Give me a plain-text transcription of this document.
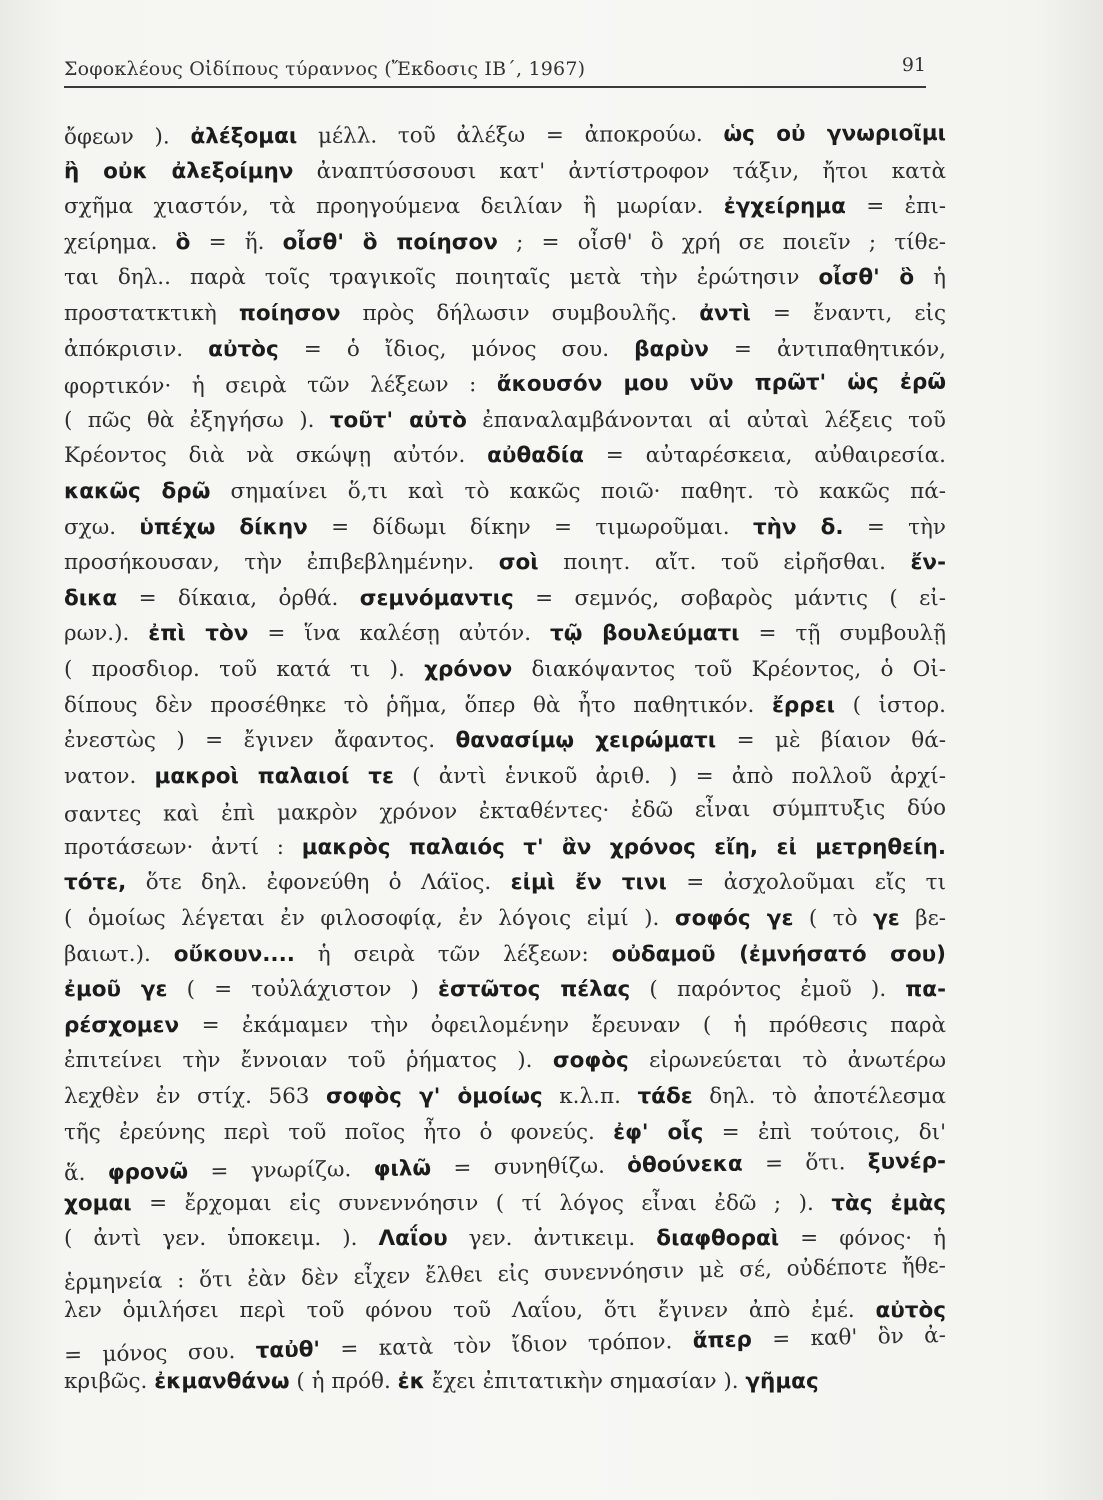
Σοφοκλέους Οἰδίπους τύραννος (Ἔκδοσις ΙΒ΄, 1967)	91
ὄφεων ). ἀλέξομαι μέλλ. τοῦ ἀλέξω = ἀποκρούω. ὡς οὐ γνωριοῖμι
ἢ οὐκ ἀλεξοίμην ἀναπτύσσουσι κατ' ἀντίστροφον τάξιν, ἤτοι κατὰ
σχῆμα χιαστόν, τὰ προηγούμενα δειλίαν ἢ μωρίαν. ἐγχείρημα = ἐπι-
χείρημα. ὃ = ἥ. οἶσθ' ὃ ποίησον ; = οἶσθ' ὃ χρή σε ποιεῖν ; τίθε-
ται δηλ.. παρὰ τοῖς τραγικοῖς ποιηταῖς μετὰ τὴν ἐρώτησιν οἶσθ' ὃ ἡ
προστατκτικὴ ποίησον πρὸς δήλωσιν συμβουλῆς. ἀντὶ = ἔναντι, εἰς
ἀπόκρισιν. αὐτὸς = ὁ ἴδιος, μόνος σου. βαρὺν = ἀντιπαθητικόν,
φορτικόν· ἡ σειρὰ τῶν λέξεων : ἄκουσόν μου νῦν πρῶτ' ὡς ἐρῶ
( πῶς θὰ ἐξηγήσω ). τοῦτ' αὐτὸ ἐπαναλαμβάνονται αἱ αὐταὶ λέξεις τοῦ
Κρέοντος διὰ νὰ σκώψῃ αὐτόν. αὐθαδία = αὐταρέσκεια, αὐθαιρεσία.
κακῶς δρῶ σημαίνει ὅ,τι καὶ τὸ κακῶς ποιῶ· παθητ. τὸ κακῶς πά-
σχω. ὑπέχω δίκην = δίδωμι δίκην = τιμωροῦμαι. τὴν δ. = τὴν
προσήκουσαν, τὴν ἐπιβεβλημένην. σοὶ ποιητ. αἴτ. τοῦ εἰρῆσθαι. ἔν-
δικα = δίκαια, ὀρθά. σεμνόμαντις = σεμνός, σοβαρὸς μάντις ( εἰ-
ρων.). ἐπὶ τὸν = ἵνα καλέσῃ αὐτόν. τῷ βουλεύματι = τῇ συμβουλῇ
( προσδιορ. τοῦ κατά τι ). χρόνον διακόψαντος τοῦ Κρέοντος, ὁ Οἰ-
δίπους δὲν προσέθηκε τὸ ῥῆμα, ὅπερ θὰ ἦτο παθητικόν. ἔρρει ( ἱστορ.
ἐνεστὼς ) = ἔγινεν ἄφαντος. θανασίμῳ χειρώματι = μὲ βίαιον θά-
νατον. μακροὶ παλαιοί τε ( ἀντὶ ἑνικοῦ ἀριθ. ) = ἀπὸ πολλοῦ ἀρχί-
σαντες καὶ ἐπὶ μακρὸν χρόνον ἐκταθέντες· ἐδῶ εἶναι σύμπτυξις δύο
προτάσεων· ἀντί : μακρὸς παλαιός τ' ἂν χρόνος εἴη, εἰ μετρηθείη.
τότε, ὅτε δηλ. ἐφονεύθη ὁ Λάϊος. εἰμὶ ἔν τινι = ἀσχολοῦμαι εἴς τι
( ὁμοίως λέγεται ἐν φιλοσοφίᾳ, ἐν λόγοις εἰμί ). σοφός γε ( τὸ γε βε-
βαιωτ.). οὔκουν.... ἡ σειρὰ τῶν λέξεων: οὐδαμοῦ (ἐμνήσατό σου)
ἐμοῦ γε ( = τοὐλάχιστον ) ἑστῶτος πέλας ( παρόντος ἐμοῦ ). πα-
ρέσχομεν = ἐκάμαμεν τὴν ὀφειλομένην ἔρευναν ( ἡ πρόθεσις παρὰ
ἐπιτείνει τὴν ἔννοιαν τοῦ ῥήματος ). σοφὸς εἰρωνεύεται τὸ ἀνωτέρω
λεχθὲν ἐν στίχ. 563 σοφὸς γ' ὁμοίως κ.λ.π. τάδε δηλ. τὸ ἀποτέλεσμα
τῆς ἐρεύνης περὶ τοῦ ποῖος ἦτο ὁ φονεύς. ἐφ' οἷς = ἐπὶ τούτοις, δι'
ἅ. φρονῶ = γνωρίζω. φιλῶ = συνηθίζω. ὁθούνεκα = ὅτι. ξυνέρ-
χομαι = ἔρχομαι εἰς συνεννόησιν ( τί λόγος εἶναι ἐδῶ ; ). τὰς ἐμὰς
( ἀντὶ γεν. ὑποκειμ. ). Λαΐου γεν. ἀντικειμ. διαφθοραὶ = φόνος· ἡ
ἑρμηνεία : ὅτι ἐὰν δὲν εἶχεν ἔλθει εἰς συνεννόησιν μὲ σέ, οὐδέποτε ἤθε-
λεν ὁμιλήσει περὶ τοῦ φόνου τοῦ Λαΐου, ὅτι ἔγινεν ἀπὸ ἐμέ. αὐτὸς
= μόνος σου. ταὐθ' = κατὰ τὸν ἴδιον τρόπον. ἅπερ = καθ' ὃν ἀ-
κριβῶς. ἐκμανθάνω ( ἡ πρόθ. ἐκ ἔχει ἐπιτατικὴν σημασίαν ). γῆμας
